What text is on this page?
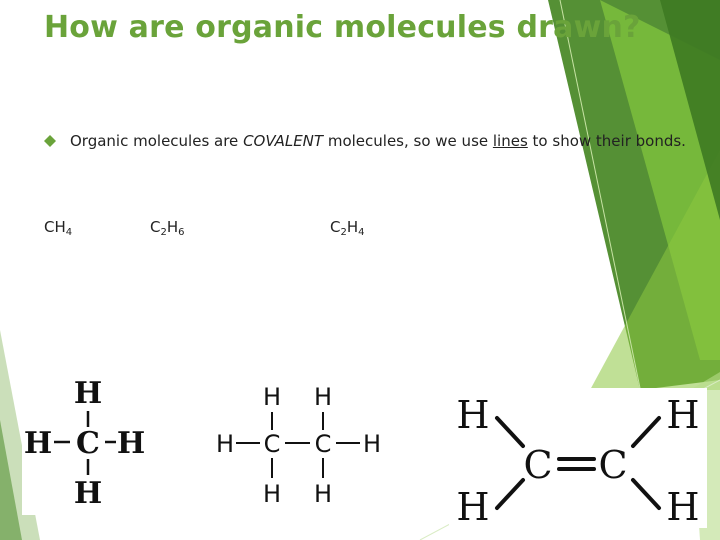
How are organic molecules drawn?
Organic molecules are COVALENT molecules, so we use lines to show their bonds.
$CH_4$	$C_2H_6$	$C_2H_4$
H
H C H
H
H H
H C C H
H H
H	H
C C
H	H
